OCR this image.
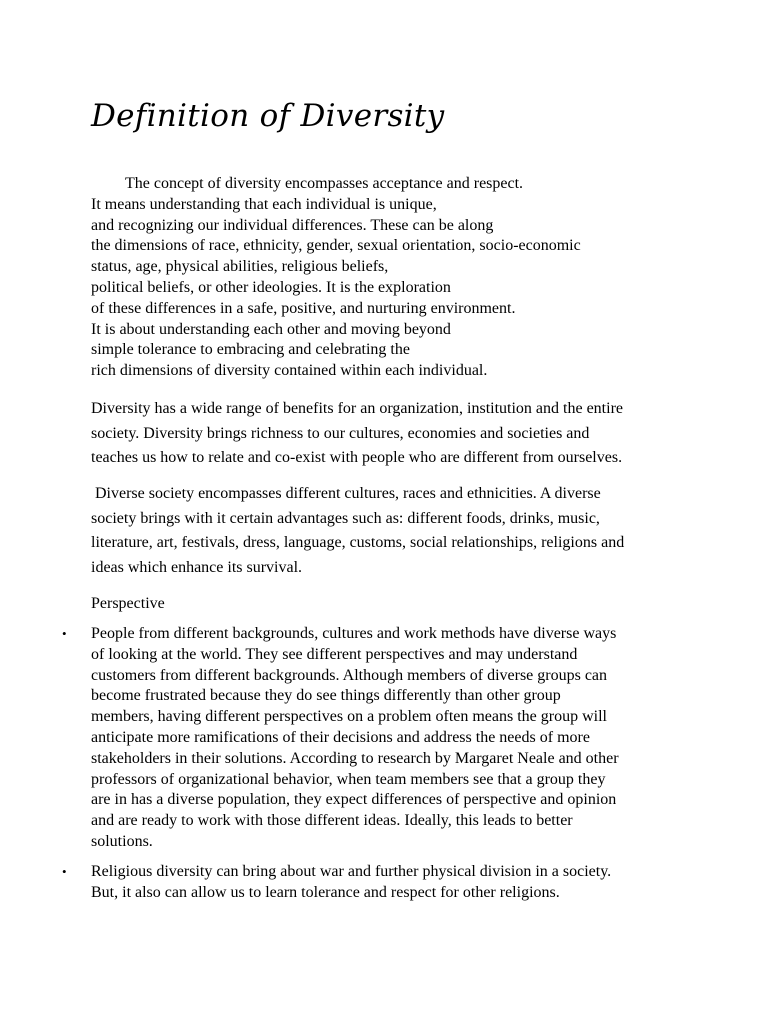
Definition of Diversity
The concept of diversity encompasses acceptance and respect.
It means understanding that each individual is unique,
and recognizing our individual differences. These can be along
the dimensions of race, ethnicity, gender, sexual orientation, socio-economic
status, age, physical abilities, religious beliefs,
political beliefs, or other ideologies. It is the exploration
of these differences in a safe, positive, and nurturing environment.
It is about understanding each other and moving beyond
simple tolerance to embracing and celebrating the
rich dimensions of diversity contained within each individual.
Diversity has a wide range of benefits for an organization, institution and the entire
society. Diversity brings richness to our cultures, economies and societies and
teaches us how to relate and co-exist with people who are different from ourselves.
Diverse society encompasses different cultures, races and ethnicities. A diverse
society brings with it certain advantages such as: different foods, drinks, music,
literature, art, festivals, dress, language, customs, social relationships, religions and
ideas which enhance its survival.

Perspective

• People from different backgrounds, cultures and work methods have diverse ways
of looking at the world. They see different perspectives and may understand
customers from different backgrounds. Although members of diverse groups can
become frustrated because they do see things differently than other group
members, having different perspectives on a problem often means the group will
anticipate more ramifications of their decisions and address the needs of more
stakeholders in their solutions. According to research by Margaret Neale and other
professors of organizational behavior, when team members see that a group they
are in has a diverse population, they expect differences of perspective and opinion
and are ready to work with those different ideas. Ideally, this leads to better
solutions.
• Religious diversity can bring about war and further physical division in a society.
But, it also can allow us to learn tolerance and respect for other religions.
